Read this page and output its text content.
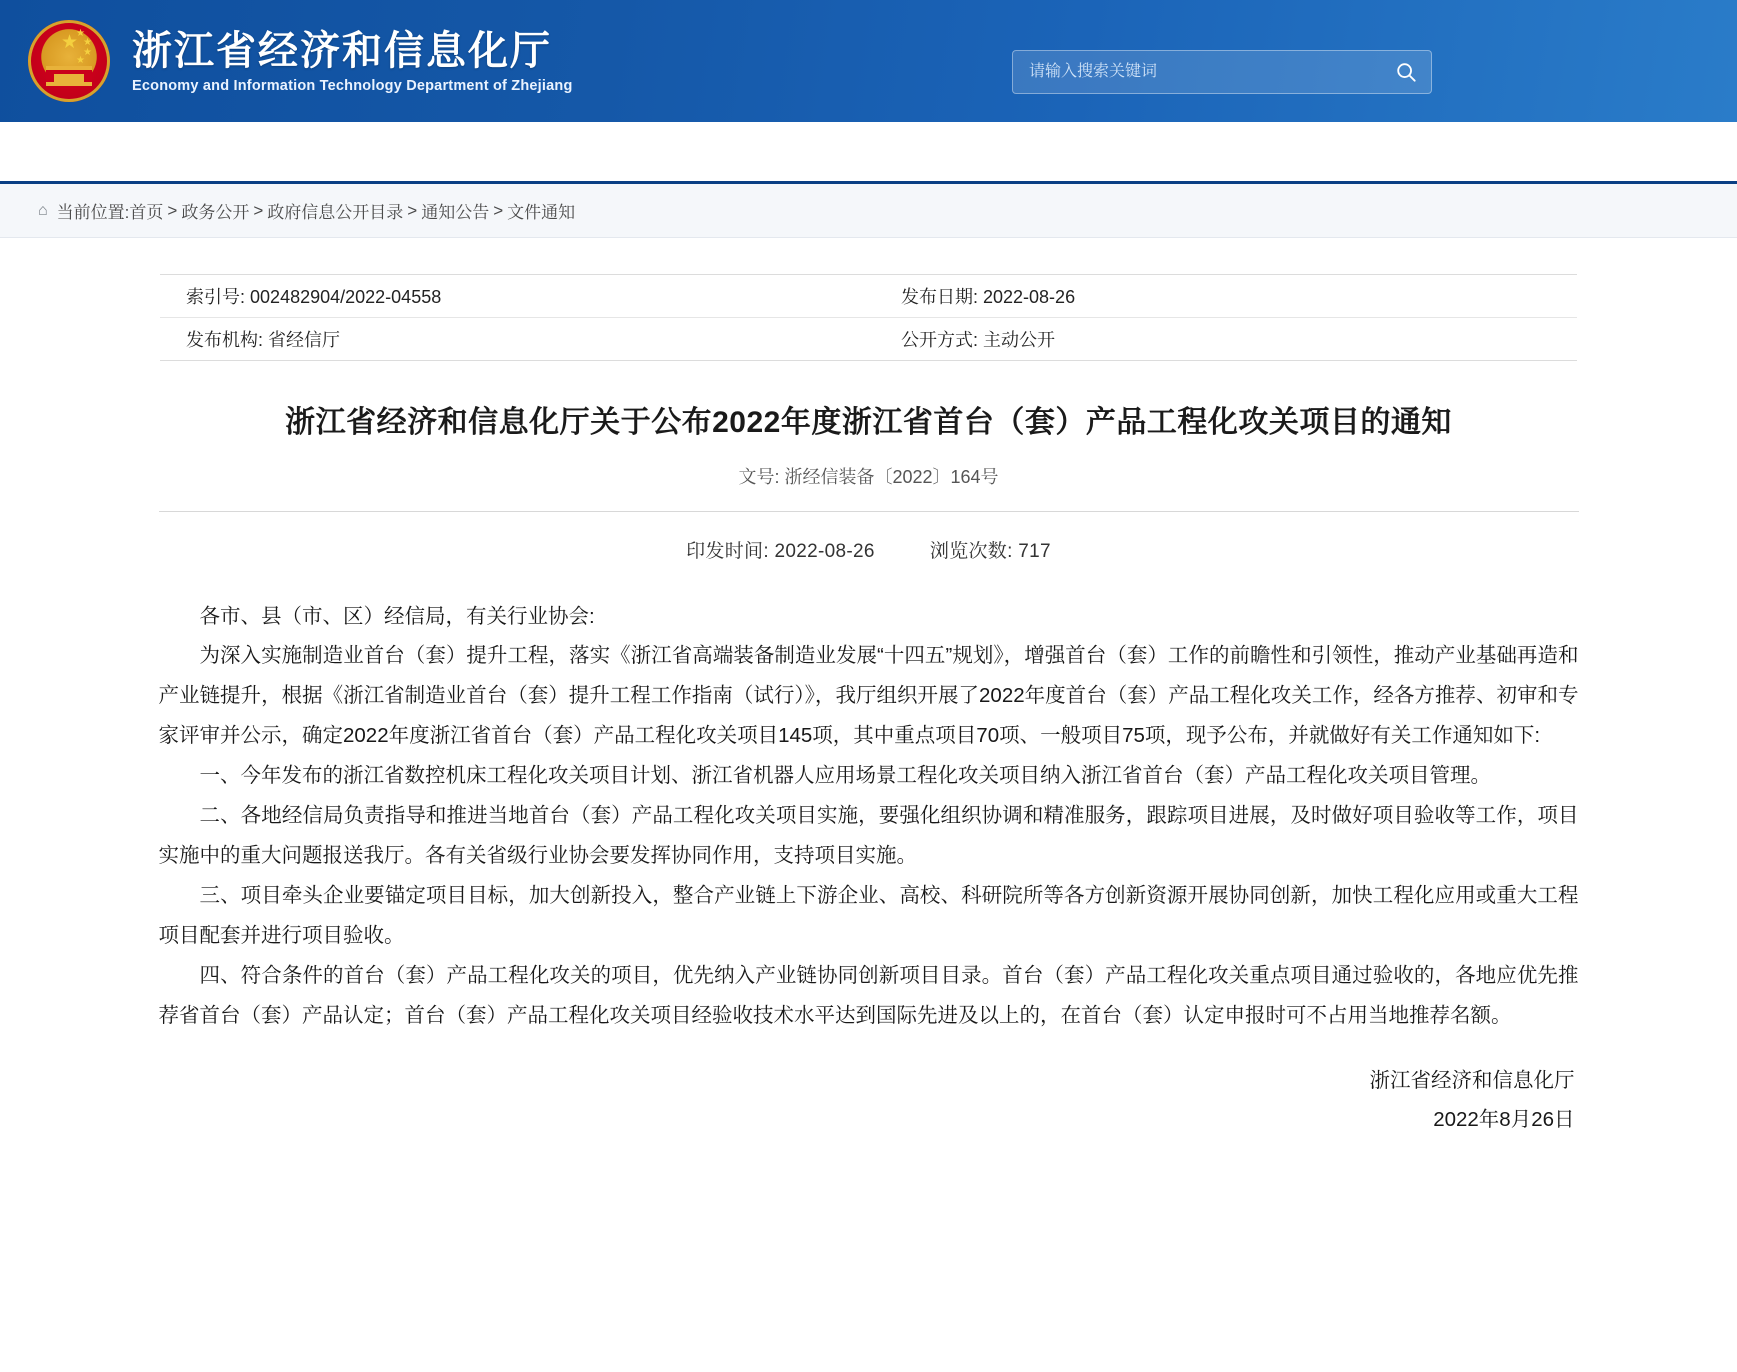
★
★
★
★
★ 浙江省经济和信息化厅
Economy and Information Technology Department of Zhejiang
请输入搜索关键词
首页	浙江经信	新闻动态	政务公开	政务服务	政企互动	热点专题	经信数据	派驻监督
⌂ 当前位置: 首页 > 政务公开 > 政府信息公开目录 > 通知公告 > 文件通知
索引号: 002482904/2022-04558	发布日期: 2022-08-26
发布机构: 省经信厅	公开方式: 主动公开
浙江省经济和信息化厅关于公布2022年度浙江省首台（套）产品工程化攻关项目的通知
文号: 浙经信装备〔2022〕164号
印发时间: 2022-08-26	浏览次数: 717

各市、县（市、区）经信局，有关行业协会:

为深入实施制造业首台（套）提升工程，落实《浙江省高端装备制造业发展“十四五”规划》，增强首台（套）工作的前瞻性和引领性，推动产业基础再造和产业链提升，根据《浙江省制造业首台（套）提升工程工作指南（试行）》，我厅组织开展了2022年度首台（套）产品工程化攻关工作，经各方推荐、初审和专家评审并公示，确定2022年度浙江省首台（套）产品工程化攻关项目145项，其中重点项目70项、一般项目75项，现予公布，并就做好有关工作通知如下:

一、今年发布的浙江省数控机床工程化攻关项目计划、浙江省机器人应用场景工程化攻关项目纳入浙江省首台（套）产品工程化攻关项目管理。

二、各地经信局负责指导和推进当地首台（套）产品工程化攻关项目实施，要强化组织协调和精准服务，跟踪项目进展，及时做好项目验收等工作，项目实施中的重大问题报送我厅。各有关省级行业协会要发挥协同作用，支持项目实施。

三、项目牵头企业要锚定项目目标，加大创新投入，整合产业链上下游企业、高校、科研院所等各方创新资源开展协同创新，加快工程化应用或重大工程项目配套并进行项目验收。

四、符合条件的首台（套）产品工程化攻关的项目，优先纳入产业链协同创新项目目录。首台（套）产品工程化攻关重点项目通过验收的，各地应优先推荐省首台（套）产品认定；首台（套）产品工程化攻关项目经验收技术水平达到国际先进及以上的，在首台（套）认定申报时可不占用当地推荐名额。

浙江省经济和信息化厅
2022年8月26日
